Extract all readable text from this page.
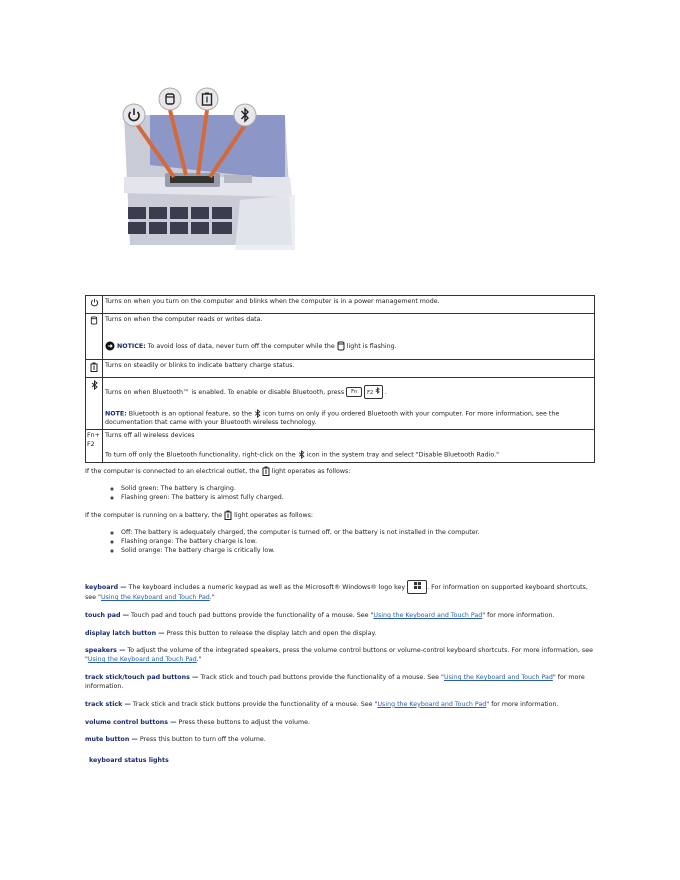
	Turns on when you turn on the computer and blinks when the computer is in a power management mode.

Turns on when the computer reads or writes data.
NOTICE: To avoid loss of data, never turn off the computer while the light is flashing.

	Turns on steadily or blinks to indicate battery charge status.

Turns on when Bluetooth™ is enabled. To enable or disable Bluetooth, press Fn F2 .
NOTE: Bluetooth is an optional feature, so the icon turns on only if you ordered Bluetooth with your computer. For more information, see the documentation that came with your Bluetooth wireless technology.

Fn+ F2	Turns off all wireless devices
To turn off only the Bluetooth functionality, right-click on the icon in the system tray and select "Disable Bluetooth Radio."
If the computer is connected to an electrical outlet, the light operates as follows:
◦ Solid green: The battery is charging.
◦ Flashing green: The battery is almost fully charged.
If the computer is running on a battery, the light operates as follows:
◦ Off: The battery is adequately charged, the computer is turned off, or the battery is not installed in the computer.
◦ Flashing orange: The battery charge is low.
◦ Solid orange: The battery charge is critically low.

keyboard — The keyboard includes a numeric keypad as well as the Microsoft® Windows® logo key	. For information on supported keyboard shortcuts, see "Using the Keyboard and Touch Pad."

touch pad — Touch pad and touch pad buttons provide the functionality of a mouse. See "Using the Keyboard and Touch Pad" for more information.

display latch button — Press this button to release the display latch and open the display.

speakers — To adjust the volume of the integrated speakers, press the volume control buttons or volume-control keyboard shortcuts. For more information, see "Using the Keyboard and Touch Pad."

track stick/touch pad buttons — Track stick and touch pad buttons provide the functionality of a mouse. See "Using the Keyboard and Touch Pad" for more information.

track stick — Track stick and track stick buttons provide the functionality of a mouse. See "Using the Keyboard and Touch Pad" for more information.

volume control buttons — Press these buttons to adjust the volume.

mute button — Press this button to turn off the volume.

keyboard status lights
